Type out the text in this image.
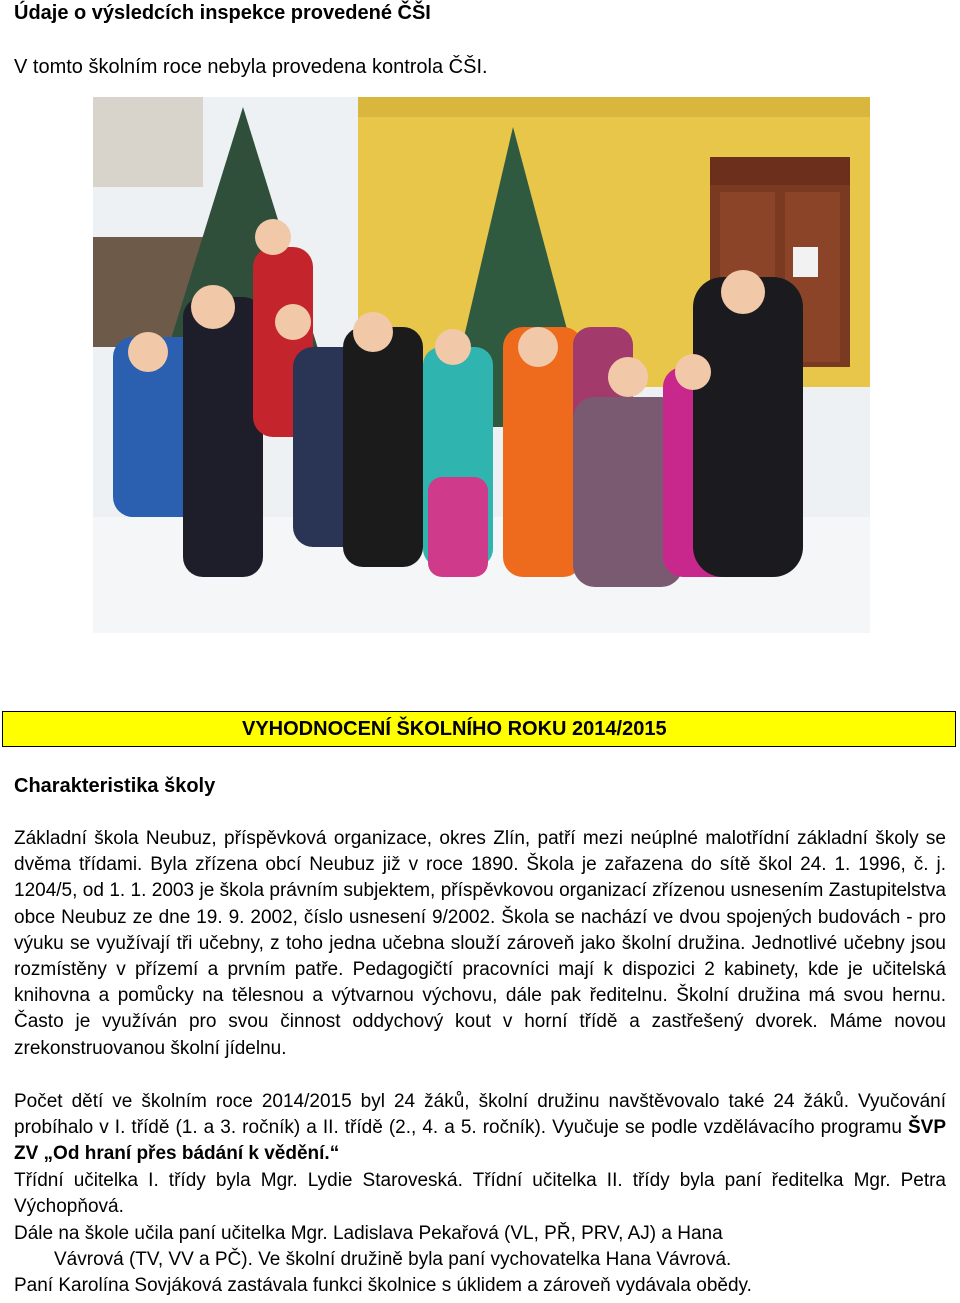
Údaje o výsledcích inspekce provedené ČŠI
V tomto školním roce nebyla provedena kontrola ČŠI.
VYHODNOCENÍ ŠKOLNÍHO ROKU 2014/2015
Charakteristika školy
Základní škola Neubuz, příspěvková organizace, okres Zlín, patří mezi neúplné malotřídní základní školy se dvěma třídami. Byla zřízena obcí Neubuz již v roce 1890. Škola je zařazena do sítě škol 24. 1. 1996, č. j. 1204/5, od 1. 1. 2003 je škola právním subjektem, příspěvkovou organizací zřízenou usnesením Zastupitelstva obce Neubuz ze dne 19. 9. 2002, číslo usnesení 9/2002. Škola se nachází ve dvou spojených budovách - pro výuku se využívají tři učebny, z toho jedna učebna slouží zároveň jako školní družina. Jednotlivé učebny jsou rozmístěny v přízemí a prvním patře. Pedagogičtí pracovníci mají k dispozici 2 kabinety, kde je učitelská knihovna a pomůcky na tělesnou a výtvarnou výchovu, dále pak ředitelnu. Školní družina má svou hernu. Často je využíván pro svou činnost oddychový kout v horní třídě a zastřešený dvorek. Máme novou zrekonstruovanou školní jídelnu.
Počet dětí ve školním roce 2014/2015 byl 24 žáků, školní družinu navštěvovalo také 24 žáků. Vyučování probíhalo v I. třídě (1. a 3. ročník) a II. třídě (2., 4. a 5. ročník). Vyučuje se podle vzdělávacího programu ŠVP ZV „Od hraní přes bádání k vědění.“
Třídní učitelka I. třídy byla Mgr. Lydie Staroveská. Třídní učitelka II. třídy byla paní ředitelka Mgr. Petra Výchopňová.
Dále na škole učila paní učitelka Mgr. Ladislava Pekařová (VL, PŘ, PRV, AJ) a Hana
Vávrová (TV, VV a PČ). Ve školní družině byla paní vychovatelka Hana Vávrová.
Paní Karolína Sovjáková zastávala funkci školnice s úklidem a zároveň vydávala obědy.
